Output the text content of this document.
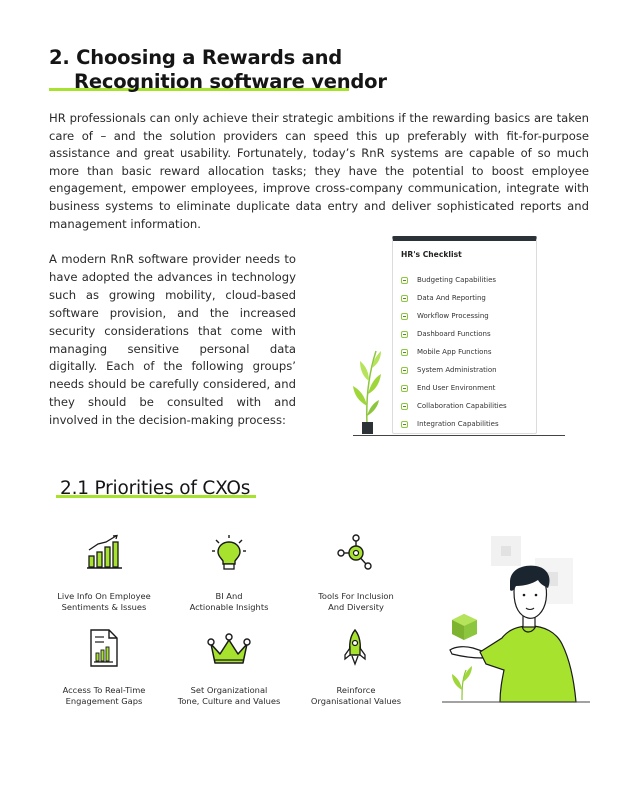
2. Choosing a Rewards and
Recognition software vendor
HR professionals can only achieve their strategic ambitions if the rewarding basics are taken care of – and the solution providers can speed this up preferably with fit-for-purpose assistance and great usability. Fortunately, today’s RnR systems are capable of so much more than basic reward allocation tasks; they have the potential to boost employee engagement, empower employees, improve cross-company communication, integrate with business systems to eliminate duplicate data entry and deliver sophisticated reports and management information.
A modern RnR software provider needs to have adopted the advances in technology such as growing mobility, cloud-based software provision, and the increased security considerations that come with managing sensitive personal data digitally. Each of the following groups’ needs should be carefully considered, and they should be consulted with and involved in the decision-making process:
HR's Checklist
Budgeting Capabilities
Data And Reporting
Workflow Processing
Dashboard Functions
Mobile App Functions
System Administration
End User Environment
Collaboration Capabilities
Integration Capabilities
2.1 Priorities of CXOs
Live Info On Employee
Sentiments & Issues
BI And
Actionable Insights
Tools For Inclusion
And Diversity
Access To Real-Time
Engagement Gaps
Set Organizational
Tone, Culture and Values
Reinforce
Organisational Values
